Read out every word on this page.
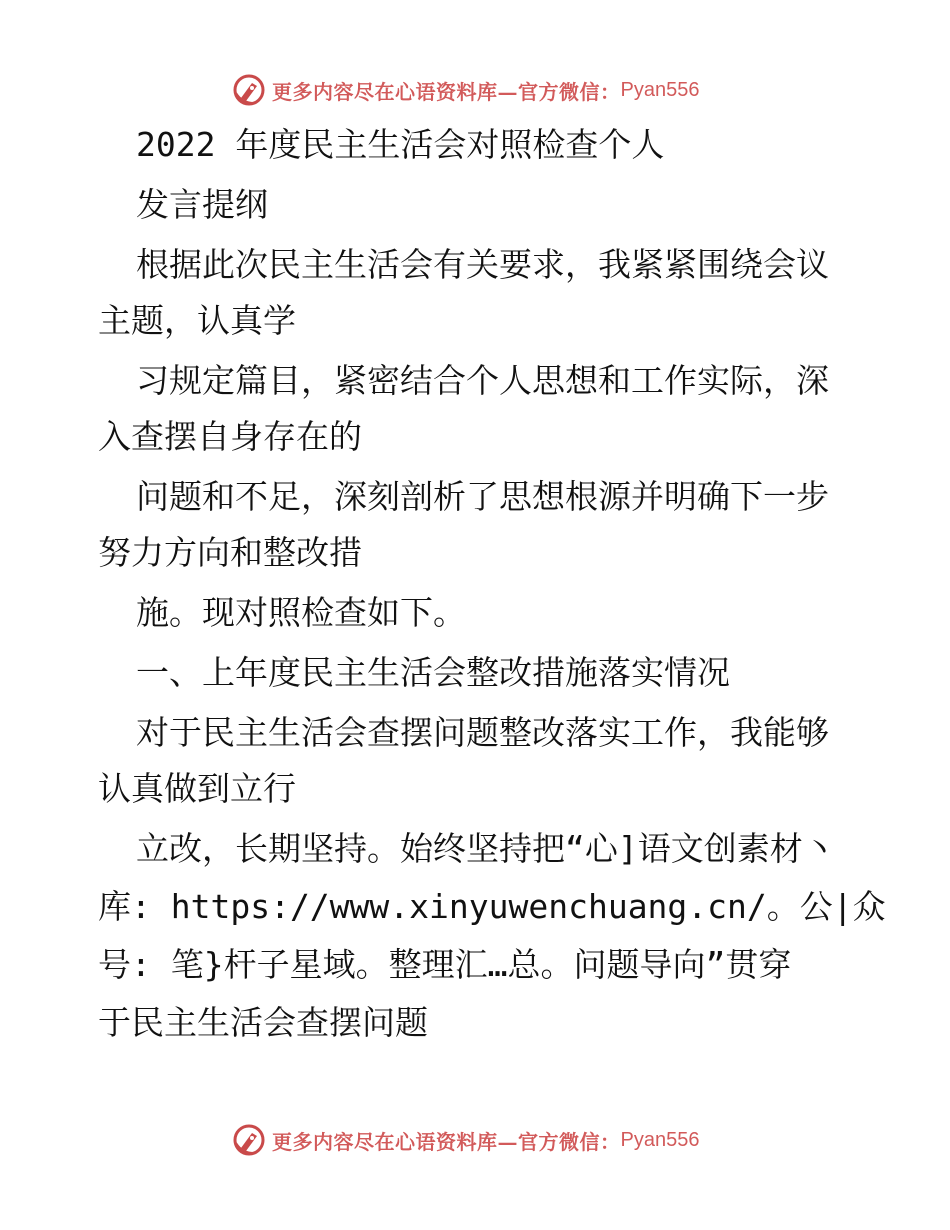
更多内容尽在心语资料库—官方微信： Pyan556
2022 年度民主生活会对照检查个人
发言提纲
根据此次民主生活会有关要求，我紧紧围绕会议
主题，认真学
习规定篇目，紧密结合个人思想和工作实际，深
入查摆自身存在的
问题和不足，深刻剖析了思想根源并明确下一步
努力方向和整改措
施。现对照检查如下。
一、上年度民主生活会整改措施落实情况
对于民主生活会查摆问题整改落实工作，我能够
认真做到立行
立改，长期坚持。始终坚持把“心]语文创素材丶
库: https://www.xinyuwenchuang.cn/。公|众
号: 笔}杆子星域。整理汇…总。问题导向”贯穿
于民主生活会查摆问题
更多内容尽在心语资料库—官方微信： Pyan556
